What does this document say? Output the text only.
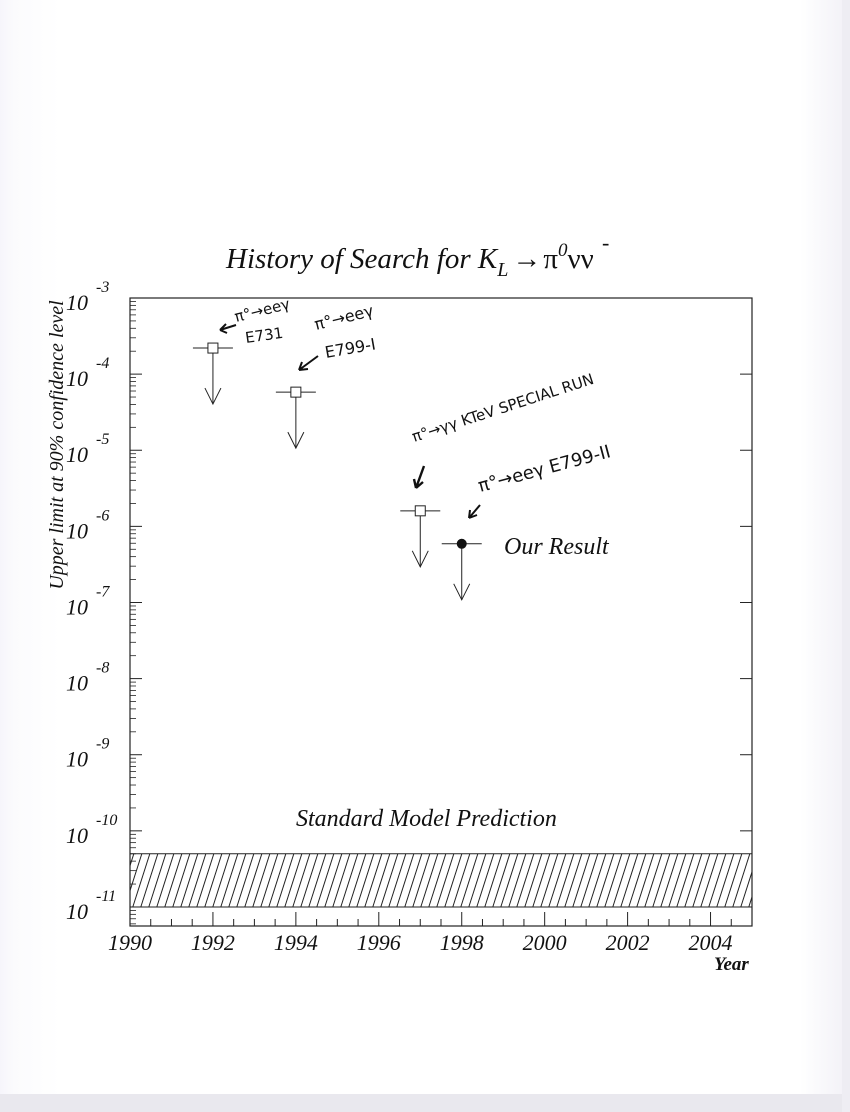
History of Search for $K_L \to\pi^0\nu\nu$
-
Upper limit at 90% confidence level
Standard Model Prediction
10
-3
10
-4
10
-5
10
-6
10
-7
10
-8
10
-9
10
-10
10
-11
1990 1992 1994 1996 1998 2000 2002 2004
Year
Our Result
π°→eeγ
E731
π°→eeγ
E799-I
π°→γγ KTeV SPECIAL RUN
π°→eeγ E799-II
